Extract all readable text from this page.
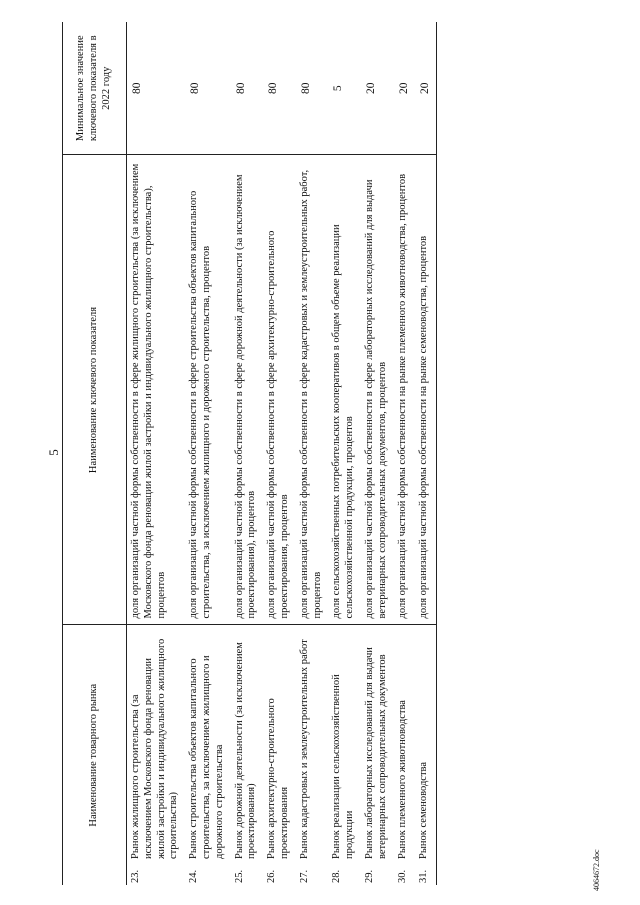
5
Наименование товарного рынка		Наименование ключевого показателя	Минимальное значение ключевого показателя в 2022 году
23.	Рынок жилищного строительства (за исключением Московского фонда реновации жилой застройки и индивидуального жилищного строительства)	доля организаций частной формы собственности в сфере жилищного строительства (за исключением Московского фонда реновации жилой застройки и индивидуального жилищного строительства), процентов	80
24.	Рынок строительства объектов капитального строительства, за исключением жилищного и дорожного строительства	доля организаций частной формы собственности в сфере строительства объектов капитального строительства, за исключением жилищного и дорожного строительства, процентов	80
25.	Рынок дорожной деятельности (за исключением проектирования)	доля организаций частной формы собственности в сфере дорожной деятельности (за исключением проектирования), процентов	80
26.	Рынок архитектурно-строительного проектирования	доля организаций частной формы собственности в сфере архитектурно-строительного проектирования, процентов	80
27.	Рынок кадастровых и землеустроительных работ	доля организаций частной формы собственности в сфере кадастровых и землеустроительных работ, процентов	80
28.	Рынок реализации сельскохозяйственной продукции	доля сельскохозяйственных потребительских кооперативов в общем объеме реализации сельскохозяйственной продукции, процентов	5
29.	Рынок лабораторных исследований для выдачи ветеринарных сопроводительных документов	доля организаций частной формы собственности в сфере лабораторных исследований для выдачи ветеринарных сопроводительных документов, процентов	20
30.	Рынок племенного животноводства	доля организаций частной формы собственности на рынке племенного животноводства, процентов	20
31.	Рынок семеноводства	доля организаций частной формы собственности на рынке семеноводства, процентов	20
4064672.doc
